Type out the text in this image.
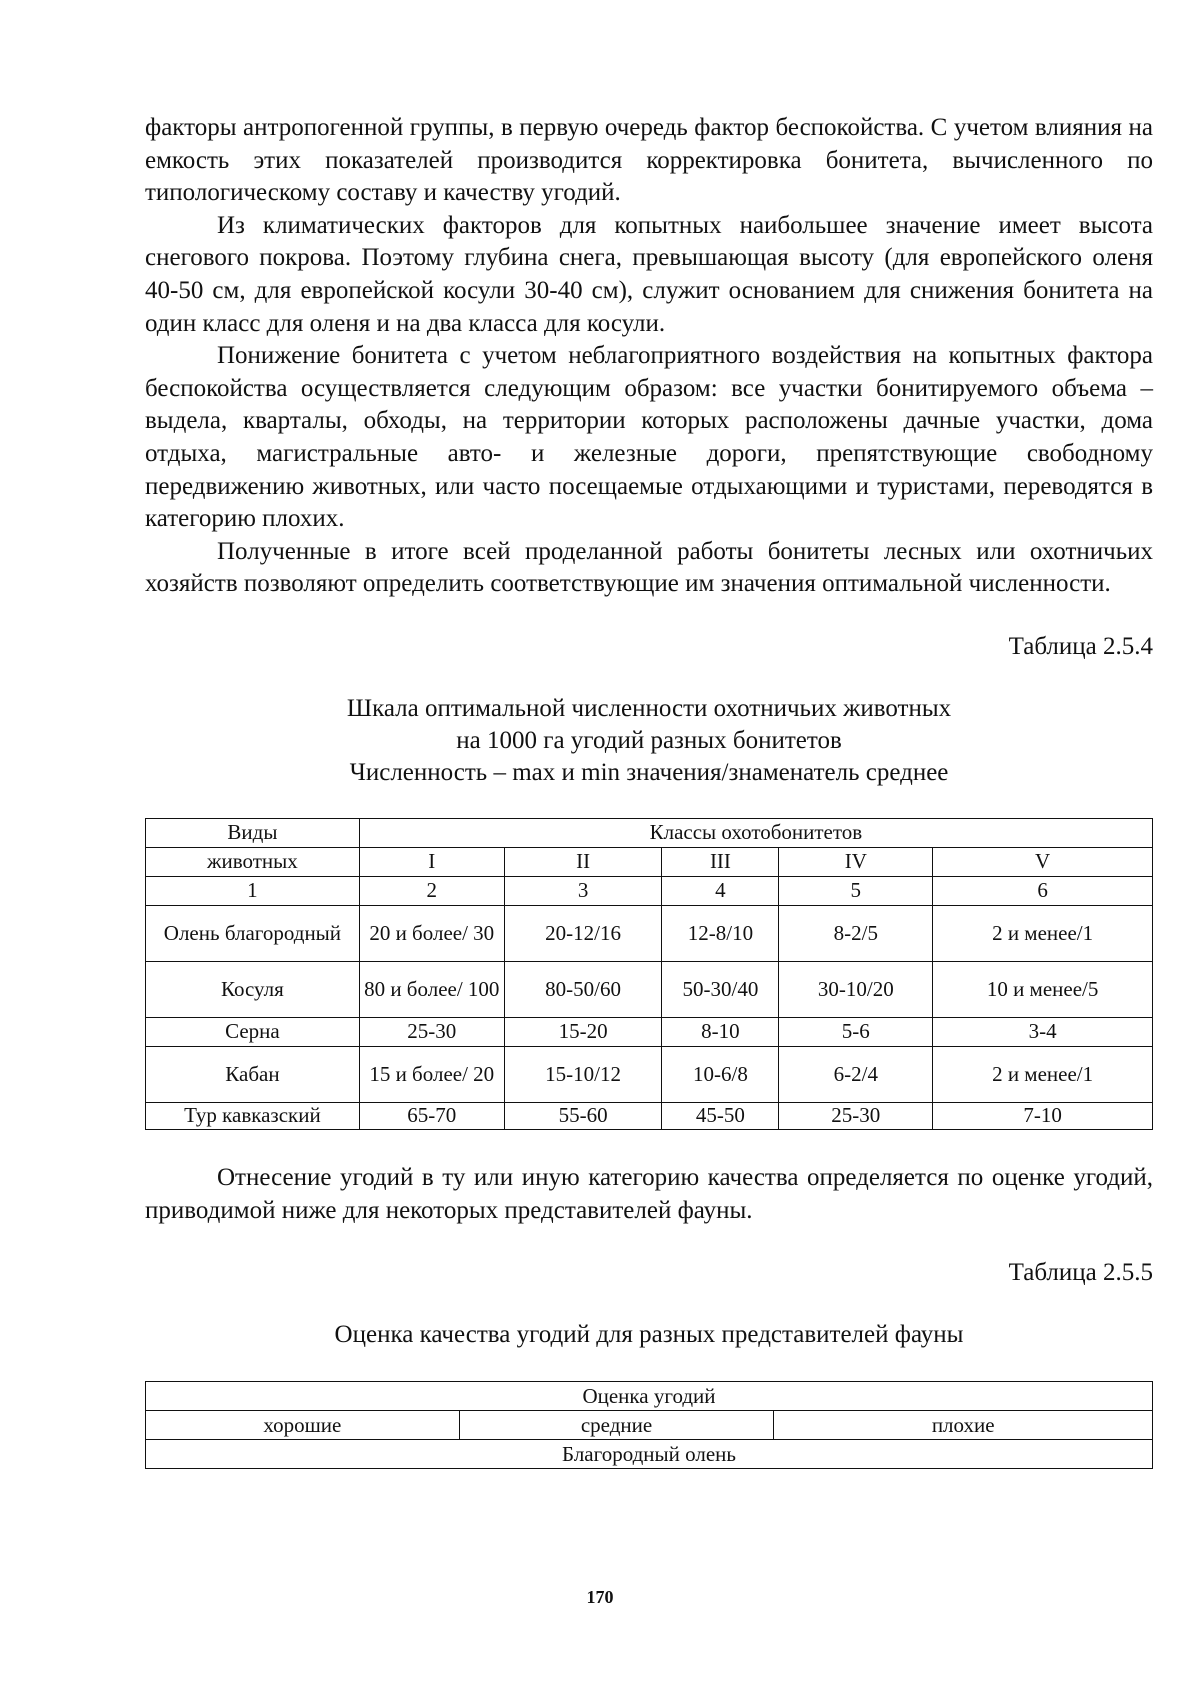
факторы антропогенной группы, в первую очередь фактор беспокойства. С учетом влияния на емкость этих показателей производится корректировка бонитета, вычисленного по типологическому составу и качеству угодий.

Из климатических факторов для копытных наибольшее значение имеет высота снегового покрова. Поэтому глубина снега, превышающая высоту (для европейского оленя 40-50 см, для европейской косули 30-40 см), служит основанием для снижения бонитета на один класс для оленя и на два класса для косули.

Понижение бонитета с учетом неблагоприятного воздействия на копытных фактора беспокойства осуществляется следующим образом: все участки бонитируемого объема – выдела, кварталы, обходы, на территории которых расположены дачные участки, дома отдыха, магистральные авто- и железные дороги, препятствующие свободному передвижению животных, или часто посещаемые отдыхающими и туристами, переводятся в категорию плохих.

Полученные в итоге всей проделанной работы бонитеты лесных или охотничьих хозяйств позволяют определить соответствующие им значения оптимальной численности.

Таблица 2.5.4
Шкала оптимальной численности охотничьих животных
на 1000 га угодий разных бонитетов
Численность – max и min значения/знаменатель среднее
Виды	Классы охотобонитетов				
животных	I	II	III	IV	V
1	2	3	4	5	6
Олень благородный	20 и более/ 30	20-12/16	12-8/10	8-2/5	2 и менее/1
Косуля	80 и более/ 100	80-50/60	50-30/40	30-10/20	10 и менее/5
Серна	25-30	15-20	8-10	5-6	3-4
Кабан	15 и более/ 20	15-10/12	10-6/8	6-2/4	2 и менее/1
Тур кавказский	65-70	55-60	45-50	25-30	7-10

Отнесение угодий в ту или иную категорию качества определяется по оценке угодий, приводимой ниже для некоторых представителей фауны.

Таблица 2.5.5
Оценка качества угодий для разных представителей фауны
Оценка угодий
хорошие	средние	плохие
Благородный олень
170
